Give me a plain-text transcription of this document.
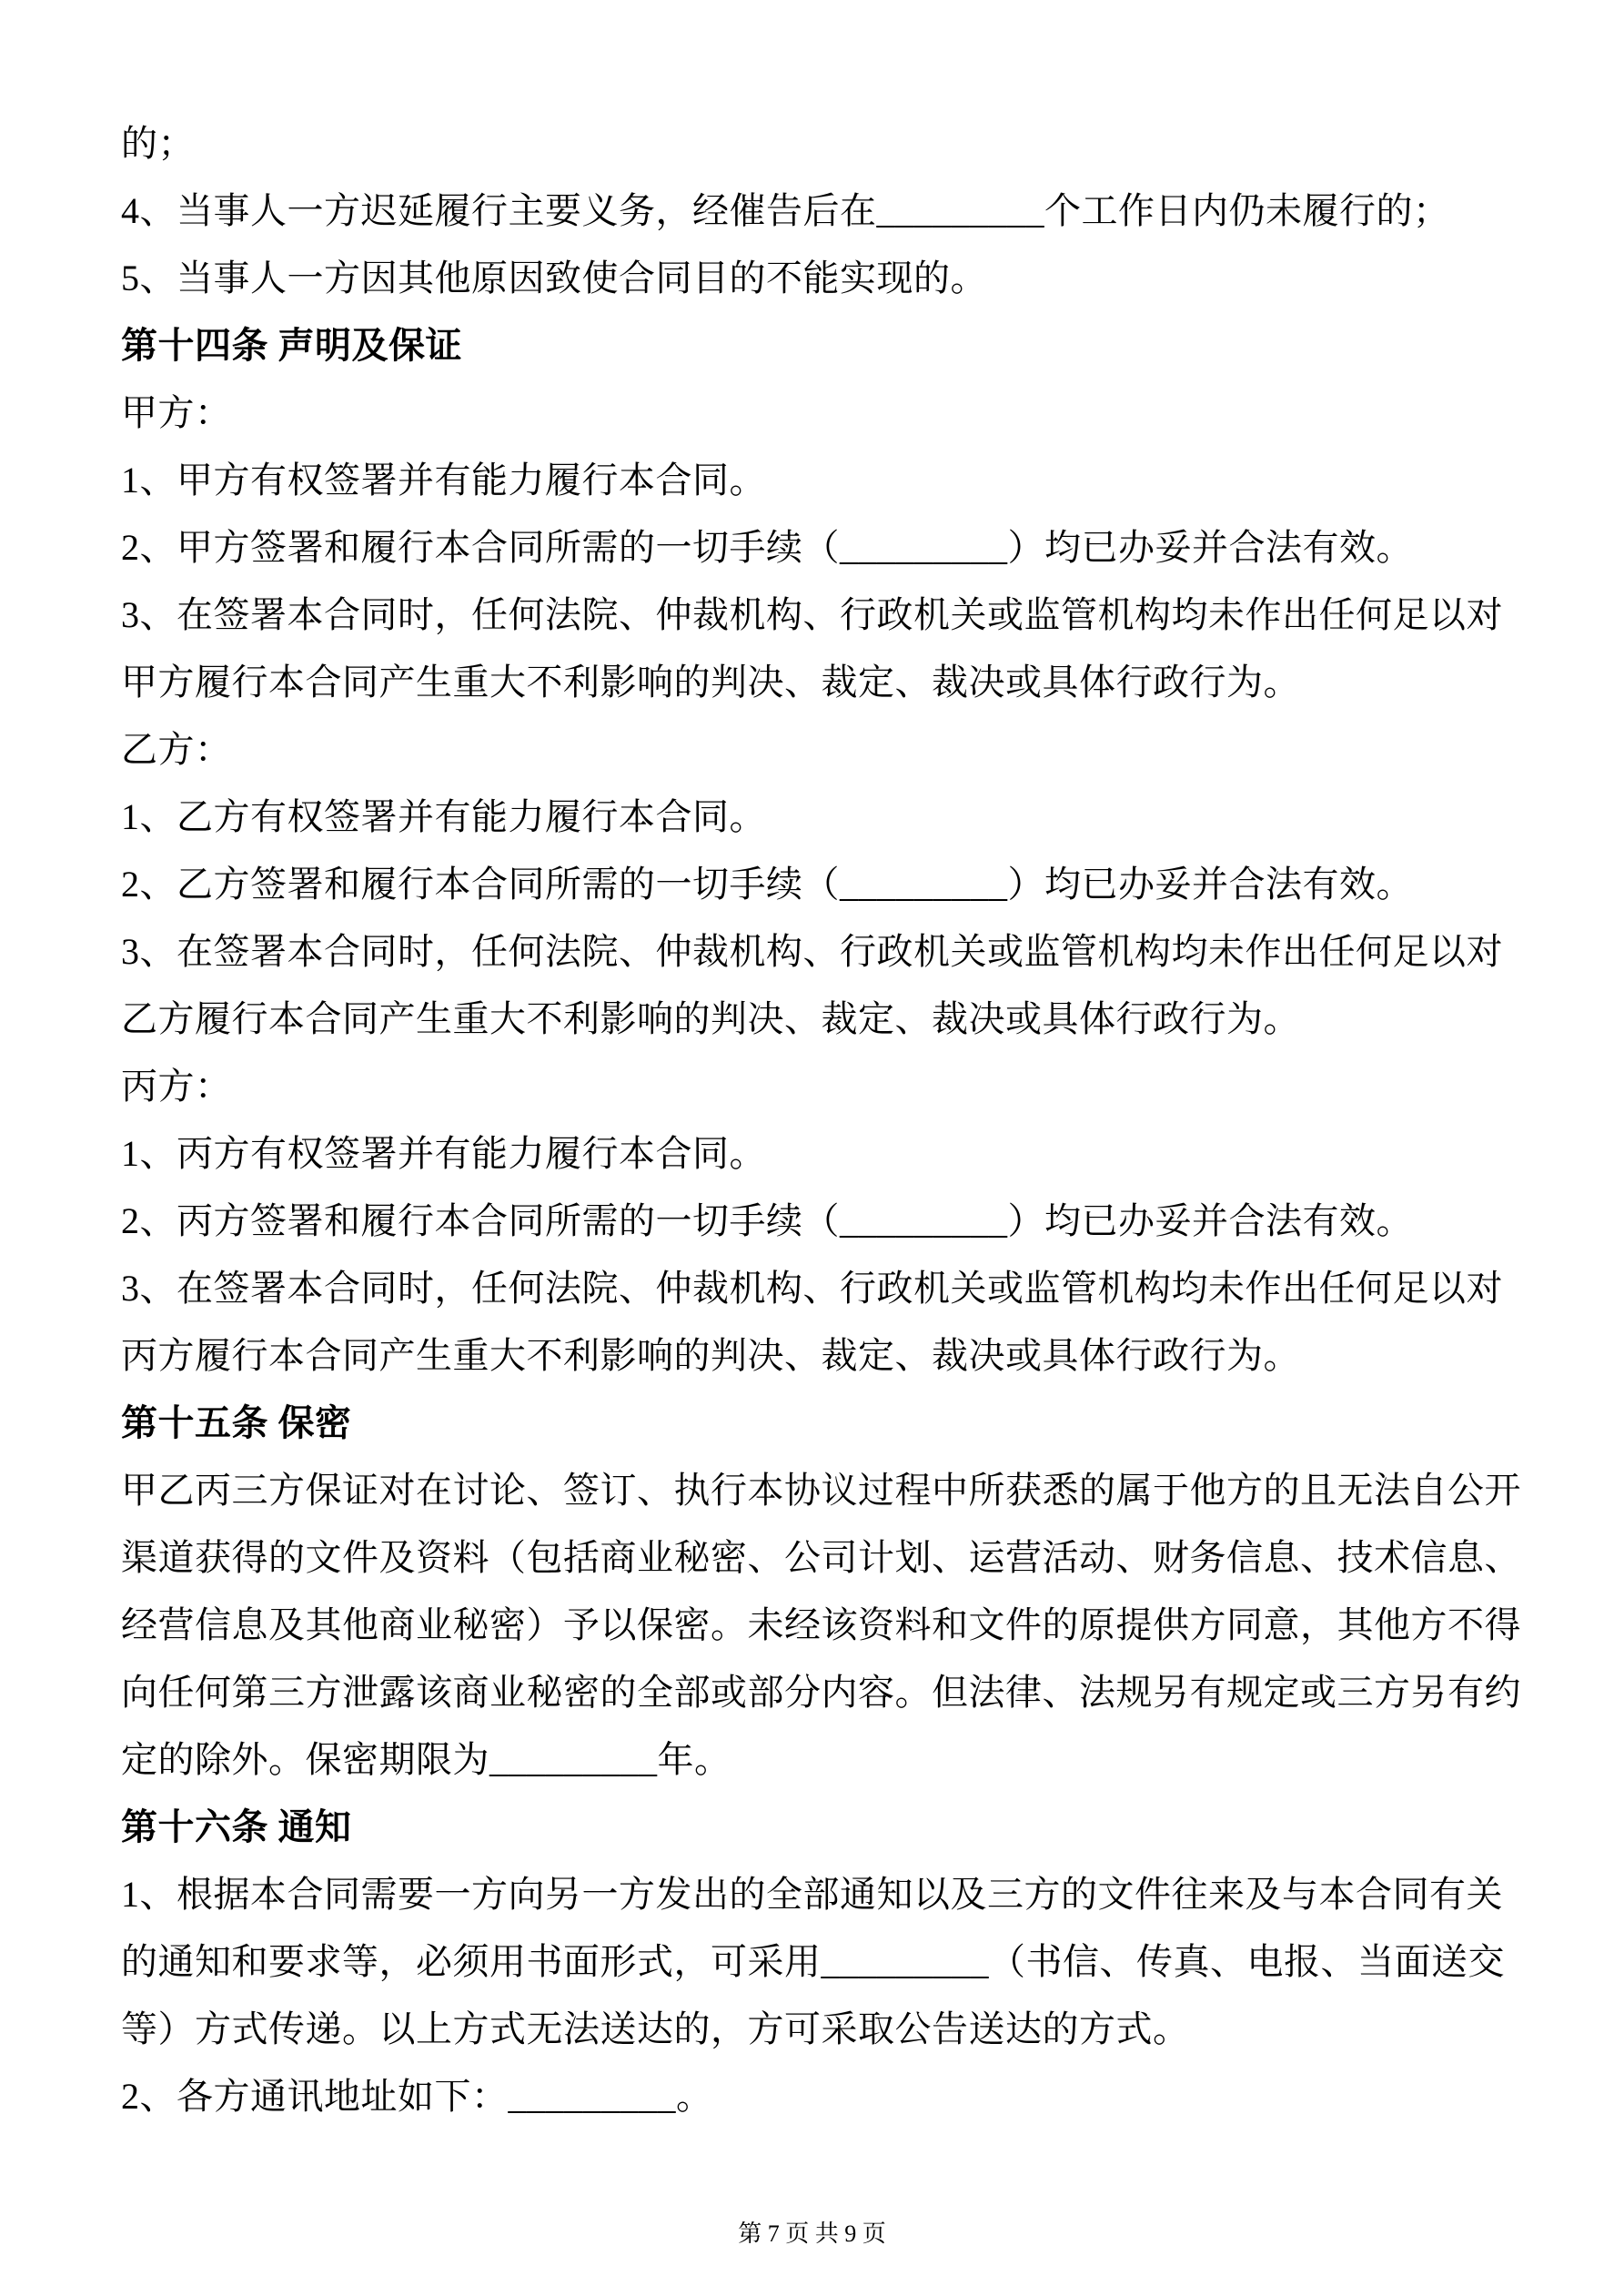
的；
4、当事人一方迟延履行主要义务，经催告后在_________个工作日内仍未履行的；
5、当事人一方因其他原因致使合同目的不能实现的。
第十四条 声明及保证
甲方：
1、甲方有权签署并有能力履行本合同。
2、甲方签署和履行本合同所需的一切手续（_________）均已办妥并合法有效。
3、在签署本合同时，任何法院、仲裁机构、行政机关或监管机构均未作出任何足以对
甲方履行本合同产生重大不利影响的判决、裁定、裁决或具体行政行为。
乙方：
1、乙方有权签署并有能力履行本合同。
2、乙方签署和履行本合同所需的一切手续（_________）均已办妥并合法有效。
3、在签署本合同时，任何法院、仲裁机构、行政机关或监管机构均未作出任何足以对
乙方履行本合同产生重大不利影响的判决、裁定、裁决或具体行政行为。
丙方：
1、丙方有权签署并有能力履行本合同。
2、丙方签署和履行本合同所需的一切手续（_________）均已办妥并合法有效。
3、在签署本合同时，任何法院、仲裁机构、行政机关或监管机构均未作出任何足以对
丙方履行本合同产生重大不利影响的判决、裁定、裁决或具体行政行为。
第十五条 保密
甲乙丙三方保证对在讨论、签订、执行本协议过程中所获悉的属于他方的且无法自公开
渠道获得的文件及资料（包括商业秘密、公司计划、运营活动、财务信息、技术信息、
经营信息及其他商业秘密）予以保密。未经该资料和文件的原提供方同意，其他方不得
向任何第三方泄露该商业秘密的全部或部分内容。但法律、法规另有规定或三方另有约
定的除外。保密期限为_________年。
第十六条 通知
1、根据本合同需要一方向另一方发出的全部通知以及三方的文件往来及与本合同有关
的通知和要求等，必须用书面形式，可采用_________（书信、传真、电报、当面送交
等）方式传递。以上方式无法送达的，方可采取公告送达的方式。
2、各方通讯地址如下：_________。
第 7 页 共 9 页
